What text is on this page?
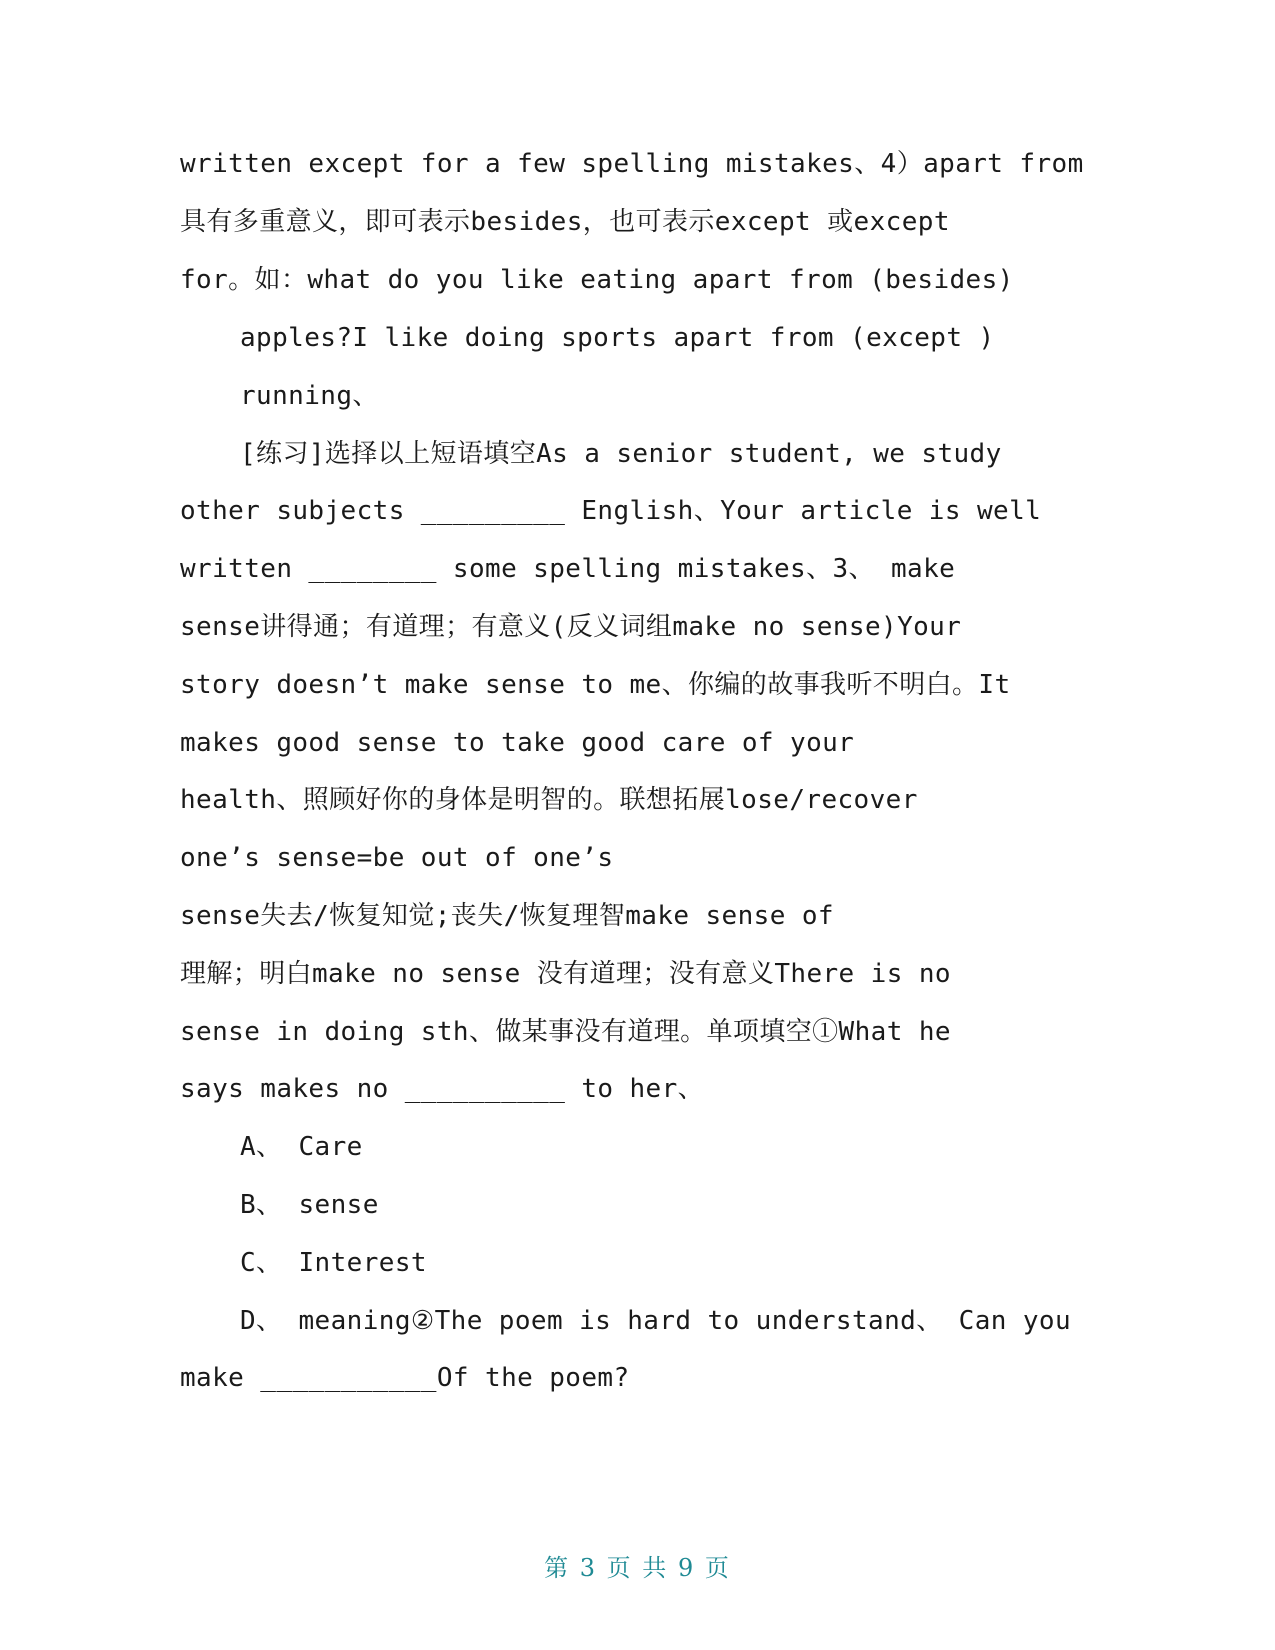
written except for a few spelling mistakes、4）apart from
具有多重意义，即可表示besides，也可表示except 或except
for。如：what do you like eating apart from (besides)
apples?I like doing sports apart from (except )
running、
[练习]选择以上短语填空As a senior student, we study
other subjects _________ English、Your article is well
written ________ some spelling mistakes、3、 make
sense讲得通；有道理；有意义(反义词组make no sense)Your
story doesn’t make sense to me、你编的故事我听不明白。It
makes good sense to take good care of your
health、照顾好你的身体是明智的。联想拓展lose/recover
one’s sense=be out of one’s
sense失去/恢复知觉;丧失/恢复理智make sense of
理解；明白make no sense 没有道理；没有意义There is no
sense in doing sth、做某事没有道理。单项填空①What he
says makes no __________ to her、
A、 Care
B、 sense
C、 Interest
D、 meaning②The poem is hard to understand、 Can you
make ___________Of the poem?
第 3 页 共 9 页
